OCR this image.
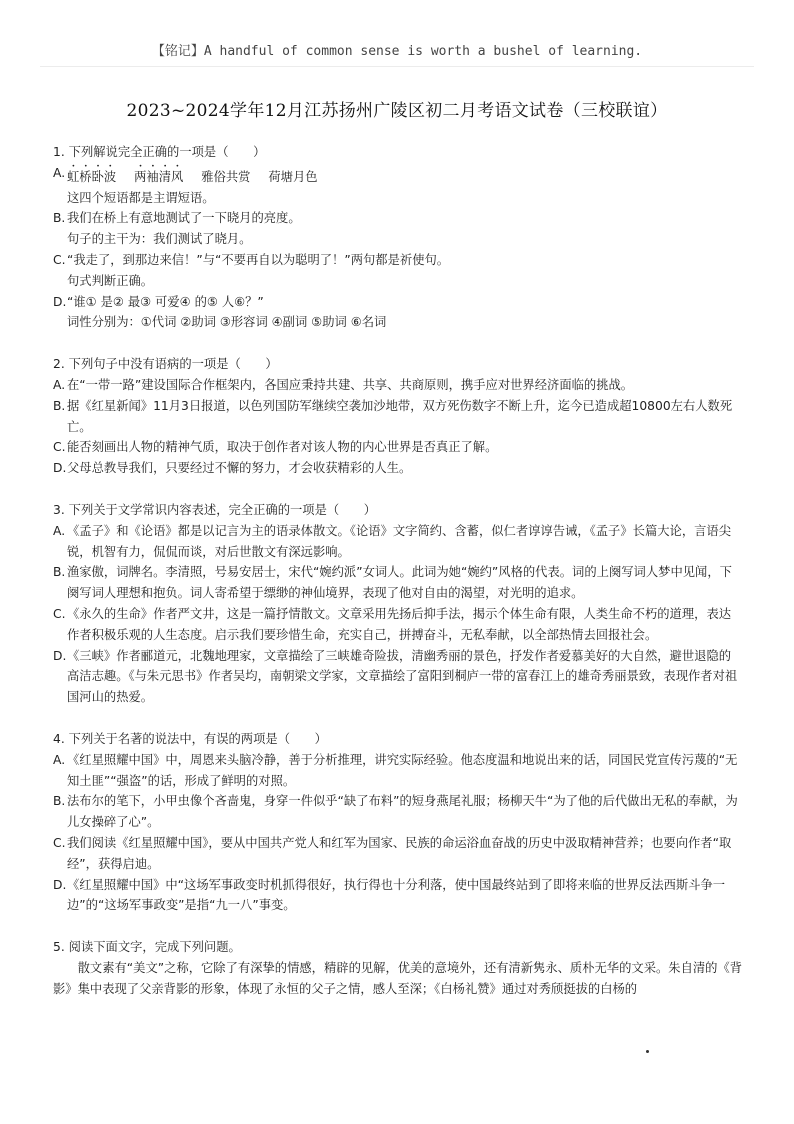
【铭记】A handful of common sense is worth a bushel of learning.
2023~2024学年12月江苏扬州广陵区初二月考语文试卷（三校联谊）
1. 下列解说完全正确的一项是（　　）
A. 虹桥卧波 两袖清风 雅俗共赏 荷塘月色
这四个短语都是主谓短语。
B. 我们在桥上有意地测试了一下晓月的亮度。
句子的主干为：我们测试了晓月。
C. “我走了，到那边来信！”与“不要再自以为聪明了！”两句都是祈使句。
句式判断正确。
D. “谁① 是② 最③ 可爱④ 的⑤ 人⑥？”
词性分别为：①代词 ②助词 ③形容词 ④副词 ⑤助词 ⑥名词
2. 下列句子中没有语病的一项是（　　）
A. 在“一带一路”建设国际合作框架内，各国应秉持共建、共享、共商原则，携手应对世界经济面临的挑战。
B. 据《红星新闻》11月3日报道，以色列国防军继续空袭加沙地带，双方死伤数字不断上升，迄今已造成超10800左右人数死亡。
C. 能否刻画出人物的精神气质，取决于创作者对该人物的内心世界是否真正了解。
D. 父母总教导我们，只要经过不懈的努力，才会收获精彩的人生。
3. 下列关于文学常识内容表述，完全正确的一项是（　　）
A. 《孟子》和《论语》都是以记言为主的语录体散文。《论语》文字简约、含蓄，似仁者谆谆告诫，《孟子》长篇大论，言语尖锐，机智有力，侃侃而谈，对后世散文有深远影响。
B. 渔家傲，词牌名。李清照，号易安居士，宋代“婉约派”女词人。此词为她“婉约”风格的代表。词的上阕写词人梦中见闻，下阕写词人理想和抱负。词人寄希望于缥缈的神仙境界，表现了他对自由的渴望，对光明的追求。
C. 《永久的生命》作者严文井，这是一篇抒情散文。文章采用先扬后抑手法，揭示个体生命有限，人类生命不朽的道理，表达作者积极乐观的人生态度。启示我们要珍惜生命，充实自己，拼搏奋斗，无私奉献，以全部热情去回报社会。
D. 《三峡》作者郦道元，北魏地理家，文章描绘了三峡雄奇险拔，清幽秀丽的景色，抒发作者爱慕美好的大自然，避世退隐的高洁志趣。《与朱元思书》作者吴均，南朝梁文学家，文章描绘了富阳到桐庐一带的富春江上的雄奇秀丽景致，表现作者对祖国河山的热爱。
4. 下列关于名著的说法中，有误的两项是（　　）
A. 《红星照耀中国》中，周恩来头脑冷静，善于分析推理，讲究实际经验。他态度温和地说出来的话，同国民党宣传污蔑的“无知土匪”“强盗”的话，形成了鲜明的对照。
B. 法布尔的笔下，小甲虫像个吝啬鬼，身穿一件似乎“缺了布料”的短身燕尾礼服；杨柳天牛“为了他的后代做出无私的奉献，为儿女操碎了心”。
C. 我们阅读《红星照耀中国》，要从中国共产党人和红军为国家、民族的命运浴血奋战的历史中汲取精神营养；也要向作者“取经”，获得启迪。
D. 《红星照耀中国》中“这场军事政变时机抓得很好，执行得也十分利落，使中国最终站到了即将来临的世界反法西斯斗争一边”的“这场军事政变”是指“九一八”事变。
5. 阅读下面文字，完成下列问题。
散文素有“美文”之称，它除了有深挚的情感，精辟的见解，优美的意境外，还有清新隽永、质朴无华的文采。朱自清的《背影》集中表现了父亲背影的形象，体现了永恒的父子之情，感人至深；《白杨礼赞》通过对秀颀挺拔的白杨的
